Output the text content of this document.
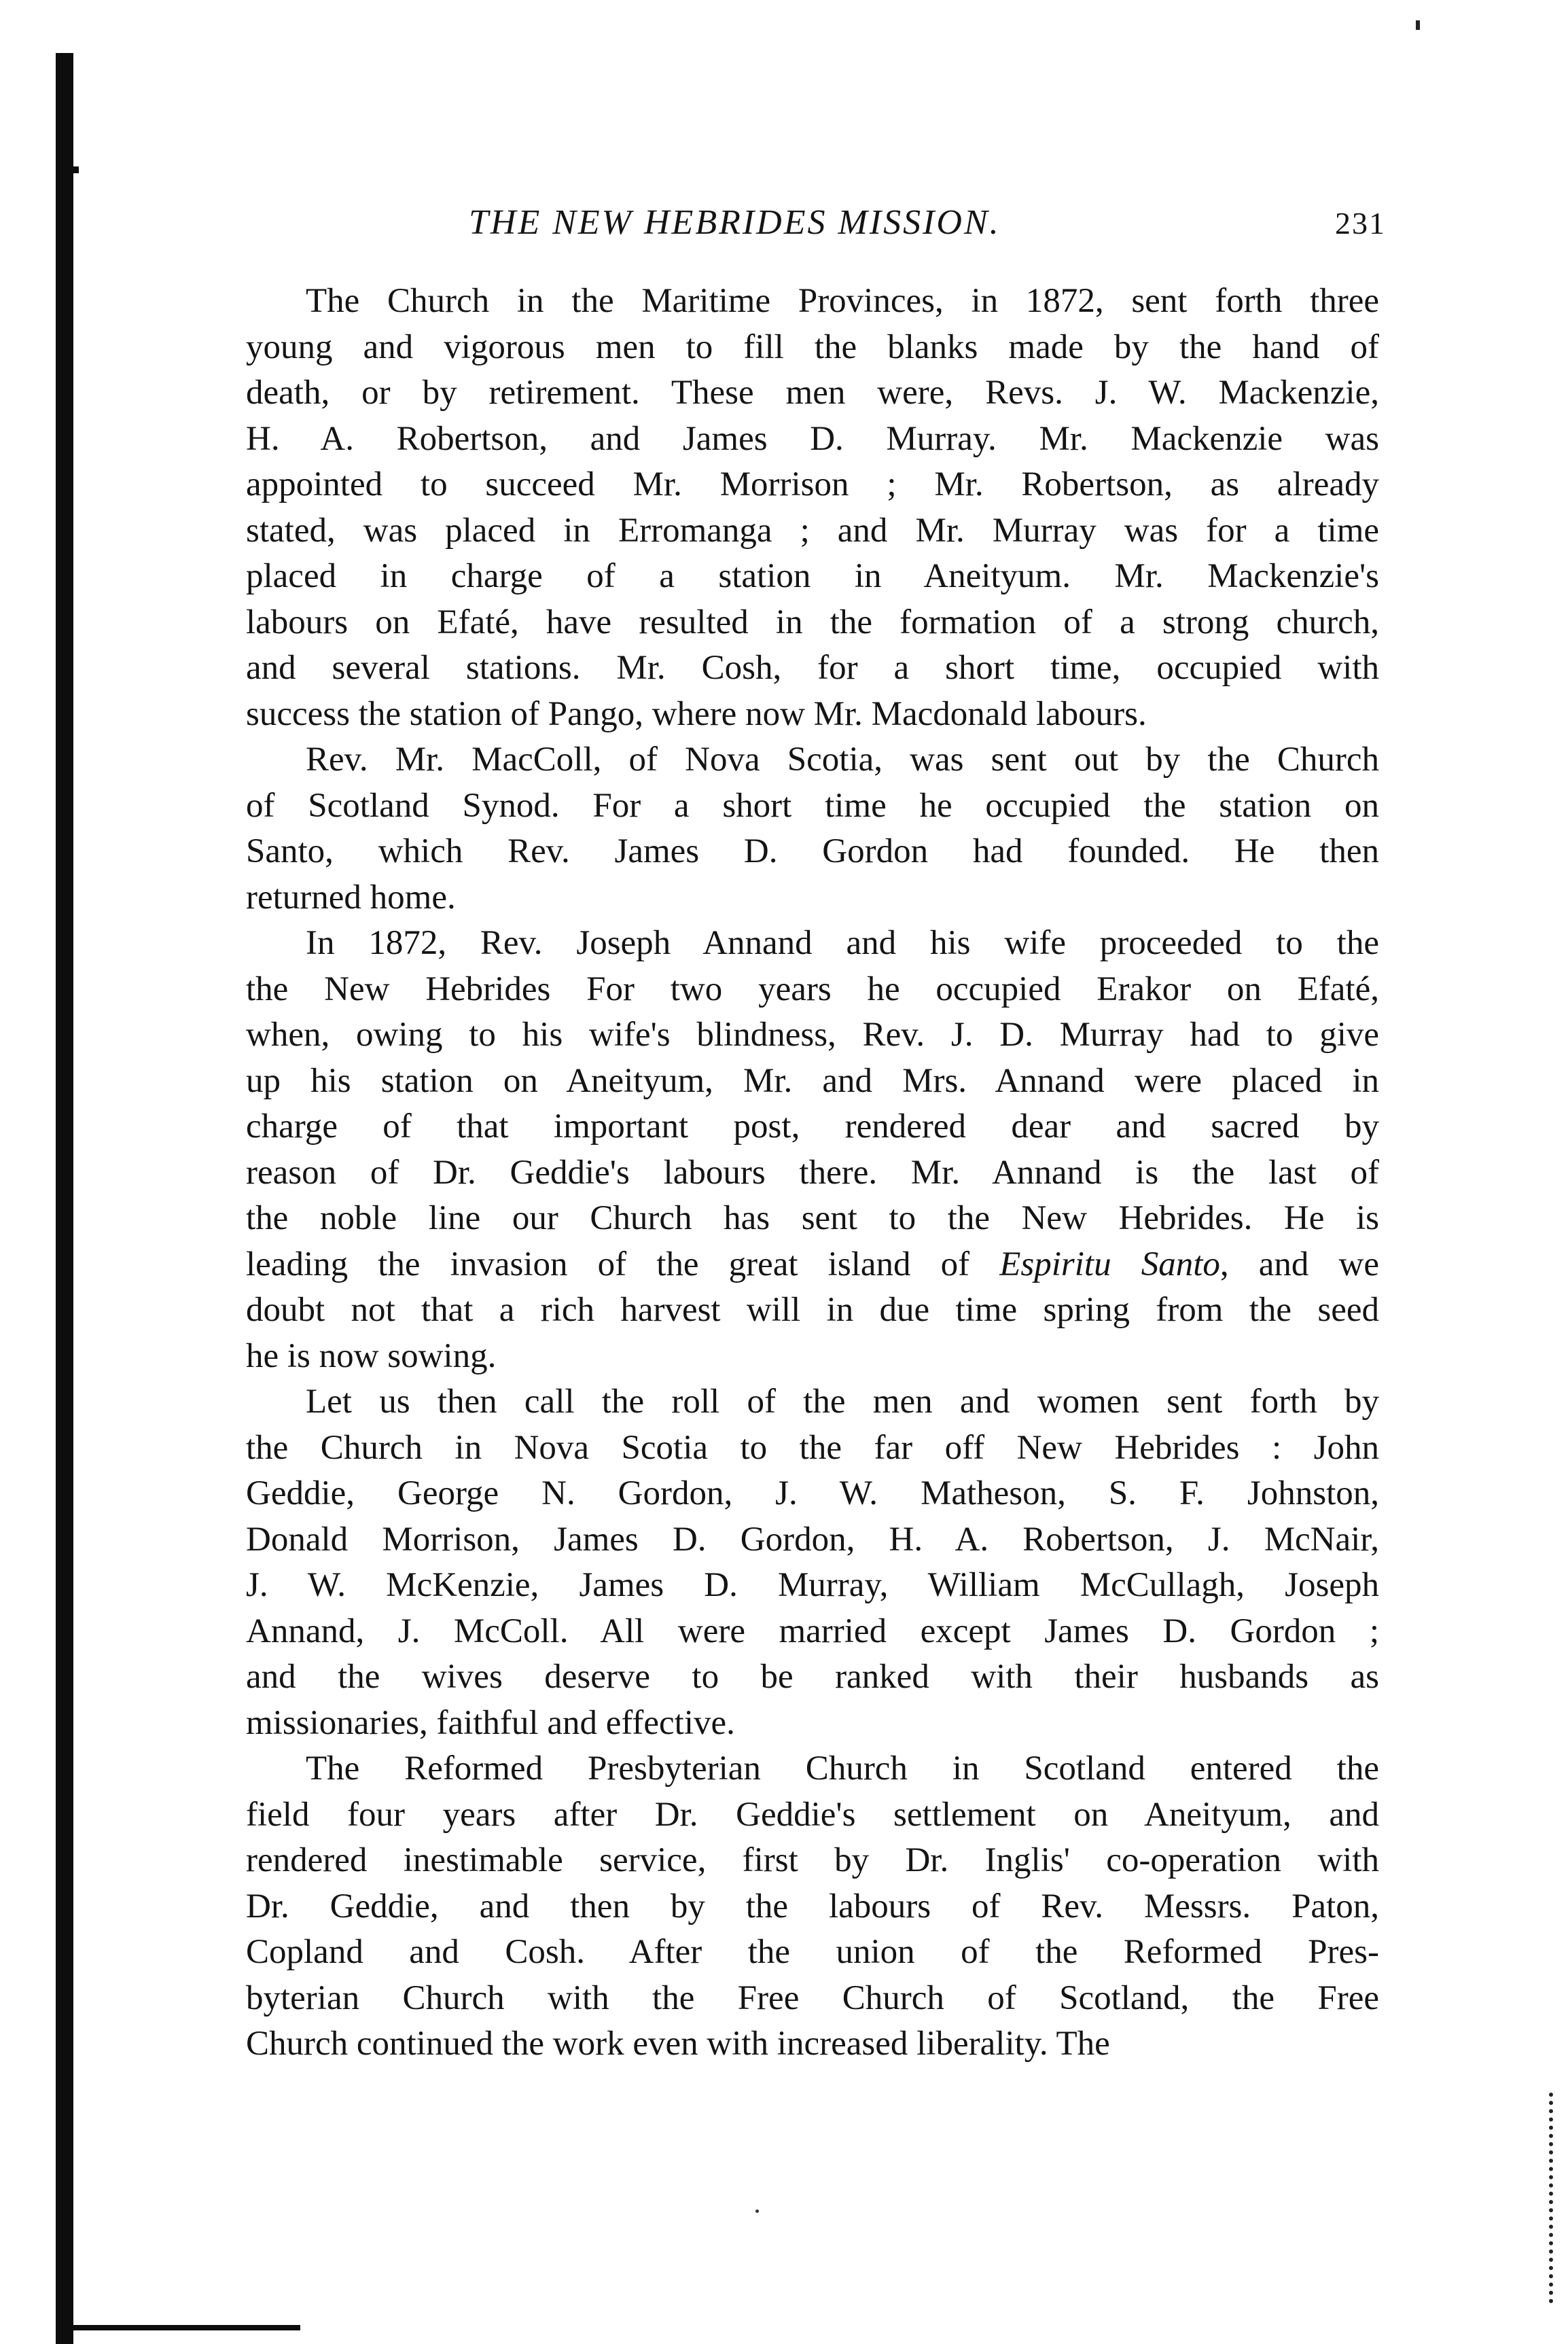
THE NEW HEBRIDES MISSION.	231
The Church in the Maritime Provinces, in 1872, sent forth three
young and vigorous men to fill the blanks made by the hand of
death, or by retirement. These men were, Revs. J. W. Mackenzie,
H. A. Robertson, and James D. Murray. Mr. Mackenzie was
appointed to succeed Mr. Morrison ; Mr. Robertson, as already
stated, was placed in Erromanga ; and Mr. Murray was for a time
placed in charge of a station in Aneityum. Mr. Mackenzie's
labours on Efaté, have resulted in the formation of a strong church,
and several stations. Mr. Cosh, for a short time, occupied with
success the station of Pango, where now Mr. Macdonald labours.
Rev. Mr. MacColl, of Nova Scotia, was sent out by the Church
of Scotland Synod. For a short time he occupied the station on
Santo, which Rev. James D. Gordon had founded. He then
returned home.
In 1872, Rev. Joseph Annand and his wife proceeded to the
the New Hebrides For two years he occupied Erakor on Efaté,
when, owing to his wife's blindness, Rev. J. D. Murray had to give
up his station on Aneityum, Mr. and Mrs. Annand were placed in
charge of that important post, rendered dear and sacred by
reason of Dr. Geddie's labours there. Mr. Annand is the last of
the noble line our Church has sent to the New Hebrides. He is
leading the invasion of the great island of Espiritu Santo, and we
doubt not that a rich harvest will in due time spring from the seed
he is now sowing.
Let us then call the roll of the men and women sent forth by
the Church in Nova Scotia to the far off New Hebrides : John
Geddie, George N. Gordon, J. W. Matheson, S. F. Johnston,
Donald Morrison, James D. Gordon, H. A. Robertson, J. McNair,
J. W. McKenzie, James D. Murray, William McCullagh, Joseph
Annand, J. McColl. All were married except James D. Gordon ;
and the wives deserve to be ranked with their husbands as
missionaries, faithful and effective.
The Reformed Presbyterian Church in Scotland entered the
field four years after Dr. Geddie's settlement on Aneityum, and
rendered inestimable service, first by Dr. Inglis' co-operation with
Dr. Geddie, and then by the labours of Rev. Messrs. Paton,
Copland and Cosh. After the union of the Reformed Pres-
byterian Church with the Free Church of Scotland, the Free
Church continued the work even with increased liberality. The
